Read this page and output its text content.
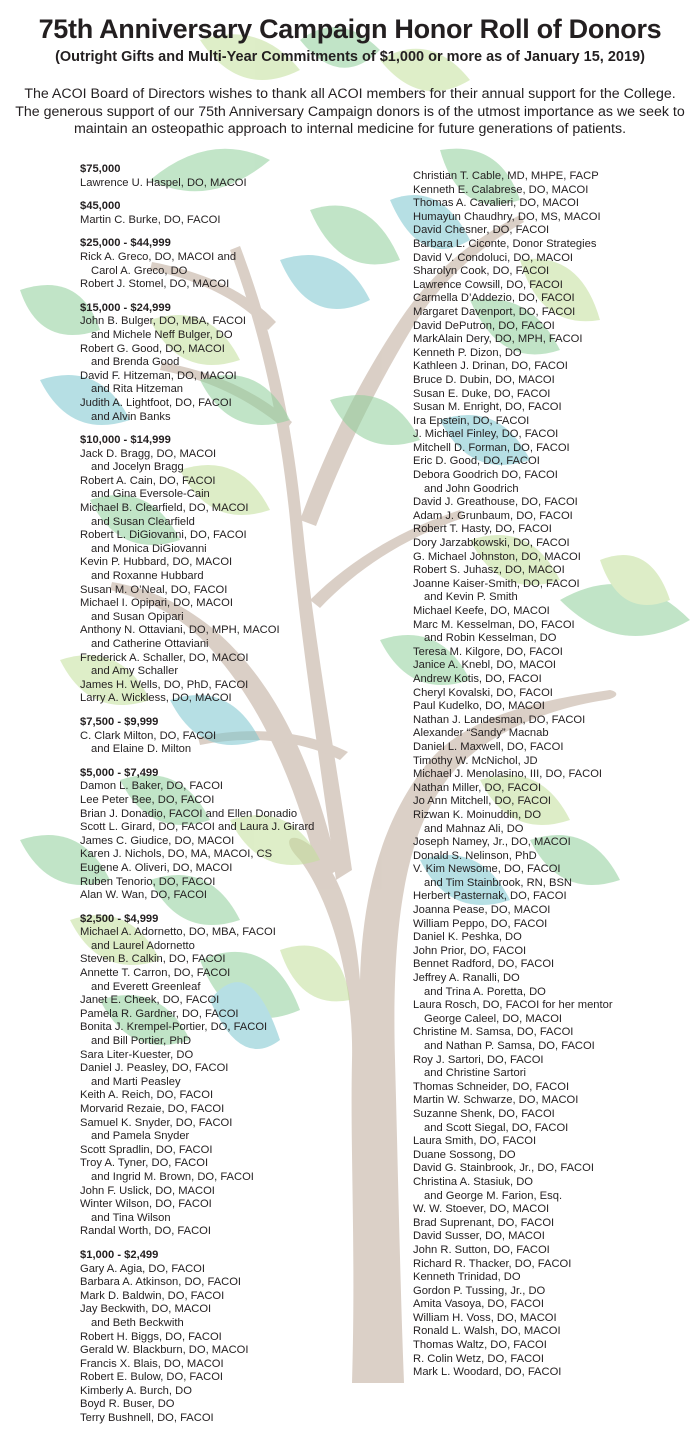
75th Anniversary Campaign Honor Roll of Donors
(Outright Gifts and Multi-Year Commitments of $1,000 or more as of January 15, 2019)
The ACOI Board of Directors wishes to thank all ACOI members for their annual support for the College. The generous support of our 75th Anniversary Campaign donors is of the utmost importance as we seek to maintain an osteopathic approach to internal medicine for future generations of patients.
$75,000
Lawrence U. Haspel, DO, MACOI
$45,000
Martin C. Burke, DO, FACOI
$25,000 - $44,999
Rick A. Greco, DO, MACOI and
Carol A. Greco, DO
Robert J. Stomel, DO, MACOI
$15,000 - $24,999
John B. Bulger, DO, MBA, FACOI
and Michele Neff Bulger, DO
Robert G. Good, DO, MACOI
and Brenda Good
David F. Hitzeman, DO, MACOI
and Rita Hitzeman
Judith A. Lightfoot, DO, FACOI
and Alvin Banks
$10,000 - $14,999
Jack D. Bragg, DO, MACOI
and Jocelyn Bragg
Robert A. Cain, DO, FACOI
and Gina Eversole-Cain
Michael B. Clearfield, DO, MACOI
and Susan Clearfield
Robert L. DiGiovanni, DO, FACOI
and Monica DiGiovanni
Kevin P. Hubbard, DO, MACOI
and Roxanne Hubbard
Susan M. O’Neal, DO, FACOI
Michael I. Opipari, DO, MACOI
and Susan Opipari
Anthony N. Ottaviani, DO, MPH, MACOI
and Catherine Ottaviani
Frederick A. Schaller, DO, MACOI
and Amy Schaller
James H. Wells, DO, PhD, FACOI
Larry A. Wickless, DO, MACOI
$7,500 - $9,999
C. Clark Milton, DO, FACOI
and Elaine D. Milton
$5,000 - $7,499
Damon L. Baker, DO, FACOI
Lee Peter Bee, DO, FACOI
Brian J. Donadio, FACOI and Ellen Donadio
Scott L. Girard, DO, FACOI and Laura J. Girard
James C. Giudice, DO, MACOI
Karen J. Nichols, DO, MA, MACOI, CS
Eugene A. Oliveri, DO, MACOI
Ruben Tenorio, DO, FACOI
Alan W. Wan, DO, FACOI
$2,500 - $4,999
Michael A. Adornetto, DO, MBA, FACOI
and Laurel Adornetto
Steven B. Calkin, DO, FACOI
Annette T. Carron, DO, FACOI
and Everett Greenleaf
Janet E. Cheek, DO, FACOI
Pamela R. Gardner, DO, FACOI
Bonita J. Krempel-Portier, DO, FACOI
and Bill Portier, PhD
Sara Liter-Kuester, DO
Daniel J. Peasley, DO, FACOI
and Marti Peasley
Keith A. Reich, DO, FACOI
Morvarid Rezaie, DO, FACOI
Samuel K. Snyder, DO, FACOI
and Pamela Snyder
Scott Spradlin, DO, FACOI
Troy A. Tyner, DO, FACOI
and Ingrid M. Brown, DO, FACOI
John F. Uslick, DO, MACOI
Winter Wilson, DO, FACOI
and Tina Wilson
Randal Worth, DO, FACOI
$1,000 - $2,499
Gary A. Agia, DO, FACOI
Barbara A. Atkinson, DO, FACOI
Mark D. Baldwin, DO, FACOI
Jay Beckwith, DO, MACOI
and Beth Beckwith
Robert H. Biggs, DO, FACOI
Gerald W. Blackburn, DO, MACOI
Francis X. Blais, DO, MACOI
Robert E. Bulow, DO, FACOI
Kimberly A. Burch, DO
Boyd R. Buser, DO
Terry Bushnell, DO, FACOI
Christian T. Cable, MD, MHPE, FACP
Kenneth E. Calabrese, DO, MACOI
Thomas A. Cavalieri, DO, MACOI
Humayun Chaudhry, DO, MS, MACOI
David Chesner, DO, FACOI
Barbara L. Ciconte, Donor Strategies
David V. Condoluci, DO, MACOI
Sharolyn Cook, DO, FACOI
Lawrence Cowsill, DO, FACOI
Carmella D’Addezio, DO, FACOI
Margaret Davenport, DO, FACOI
David DePutron, DO, FACOI
MarkAlain Dery, DO, MPH, FACOI
Kenneth P. Dizon, DO
Kathleen J. Drinan, DO, FACOI
Bruce D. Dubin, DO, MACOI
Susan E. Duke, DO, FACOI
Susan M. Enright, DO, FACOI
Ira Epstein, DO, FACOI
J. Michael Finley, DO, FACOI
Mitchell D. Forman, DO, FACOI
Eric D. Good, DO, FACOI
Debora Goodrich DO, FACOI
and John Goodrich
David J. Greathouse, DO, FACOI
Adam J. Grunbaum, DO, FACOI
Robert T. Hasty, DO, FACOI
Dory Jarzabkowski, DO, FACOI
G. Michael Johnston, DO, MACOI
Robert S. Juhasz, DO, MACOI
Joanne Kaiser-Smith, DO, FACOI
and Kevin P. Smith
Michael Keefe, DO, MACOI
Marc M. Kesselman, DO, FACOI
and Robin Kesselman, DO
Teresa M. Kilgore, DO, FACOI
Janice A. Knebl, DO, MACOI
Andrew Kotis, DO, FACOI
Cheryl Kovalski, DO, FACOI
Paul Kudelko, DO, MACOI
Nathan J. Landesman, DO, FACOI
Alexander “Sandy” Macnab
Daniel L. Maxwell, DO, FACOI
Timothy W. McNichol, JD
Michael J. Menolasino, III, DO, FACOI
Nathan Miller, DO, FACOI
Jo Ann Mitchell, DO, FACOI
Rizwan K. Moinuddin, DO
and Mahnaz Ali, DO
Joseph Namey, Jr., DO, MACOI
Donald S. Nelinson, PhD
V. Kim Newsome, DO, FACOI
and Tim Stainbrook, RN, BSN
Herbert Pasternak, DO, FACOI
Joanna Pease, DO, MACOI
William Peppo, DO, FACOI
Daniel K. Peshka, DO
John Prior, DO, FACOI
Bennet Radford, DO, FACOI
Jeffrey A. Ranalli, DO
and Trina A. Poretta, DO
Laura Rosch, DO, FACOI for her mentor
George Caleel, DO, MACOI
Christine M. Samsa, DO, FACOI
and Nathan P. Samsa, DO, FACOI
Roy J. Sartori, DO, FACOI
and Christine Sartori
Thomas Schneider, DO, FACOI
Martin W. Schwarze, DO, MACOI
Suzanne Shenk, DO, FACOI
and Scott Siegal, DO, FACOI
Laura Smith, DO, FACOI
Duane Sossong, DO
David G. Stainbrook, Jr., DO, FACOI
Christina A. Stasiuk, DO
and George M. Farion, Esq.
W. W. Stoever, DO, MACOI
Brad Suprenant, DO, FACOI
David Susser, DO, MACOI
John R. Sutton, DO, FACOI
Richard R. Thacker, DO, FACOI
Kenneth Trinidad, DO
Gordon P. Tussing, Jr., DO
Amita Vasoya, DO, FACOI
William H. Voss, DO, MACOI
Ronald L. Walsh, DO, MACOI
Thomas Waltz, DO, FACOI
R. Colin Wetz, DO, FACOI
Mark L. Woodard, DO, FACOI
